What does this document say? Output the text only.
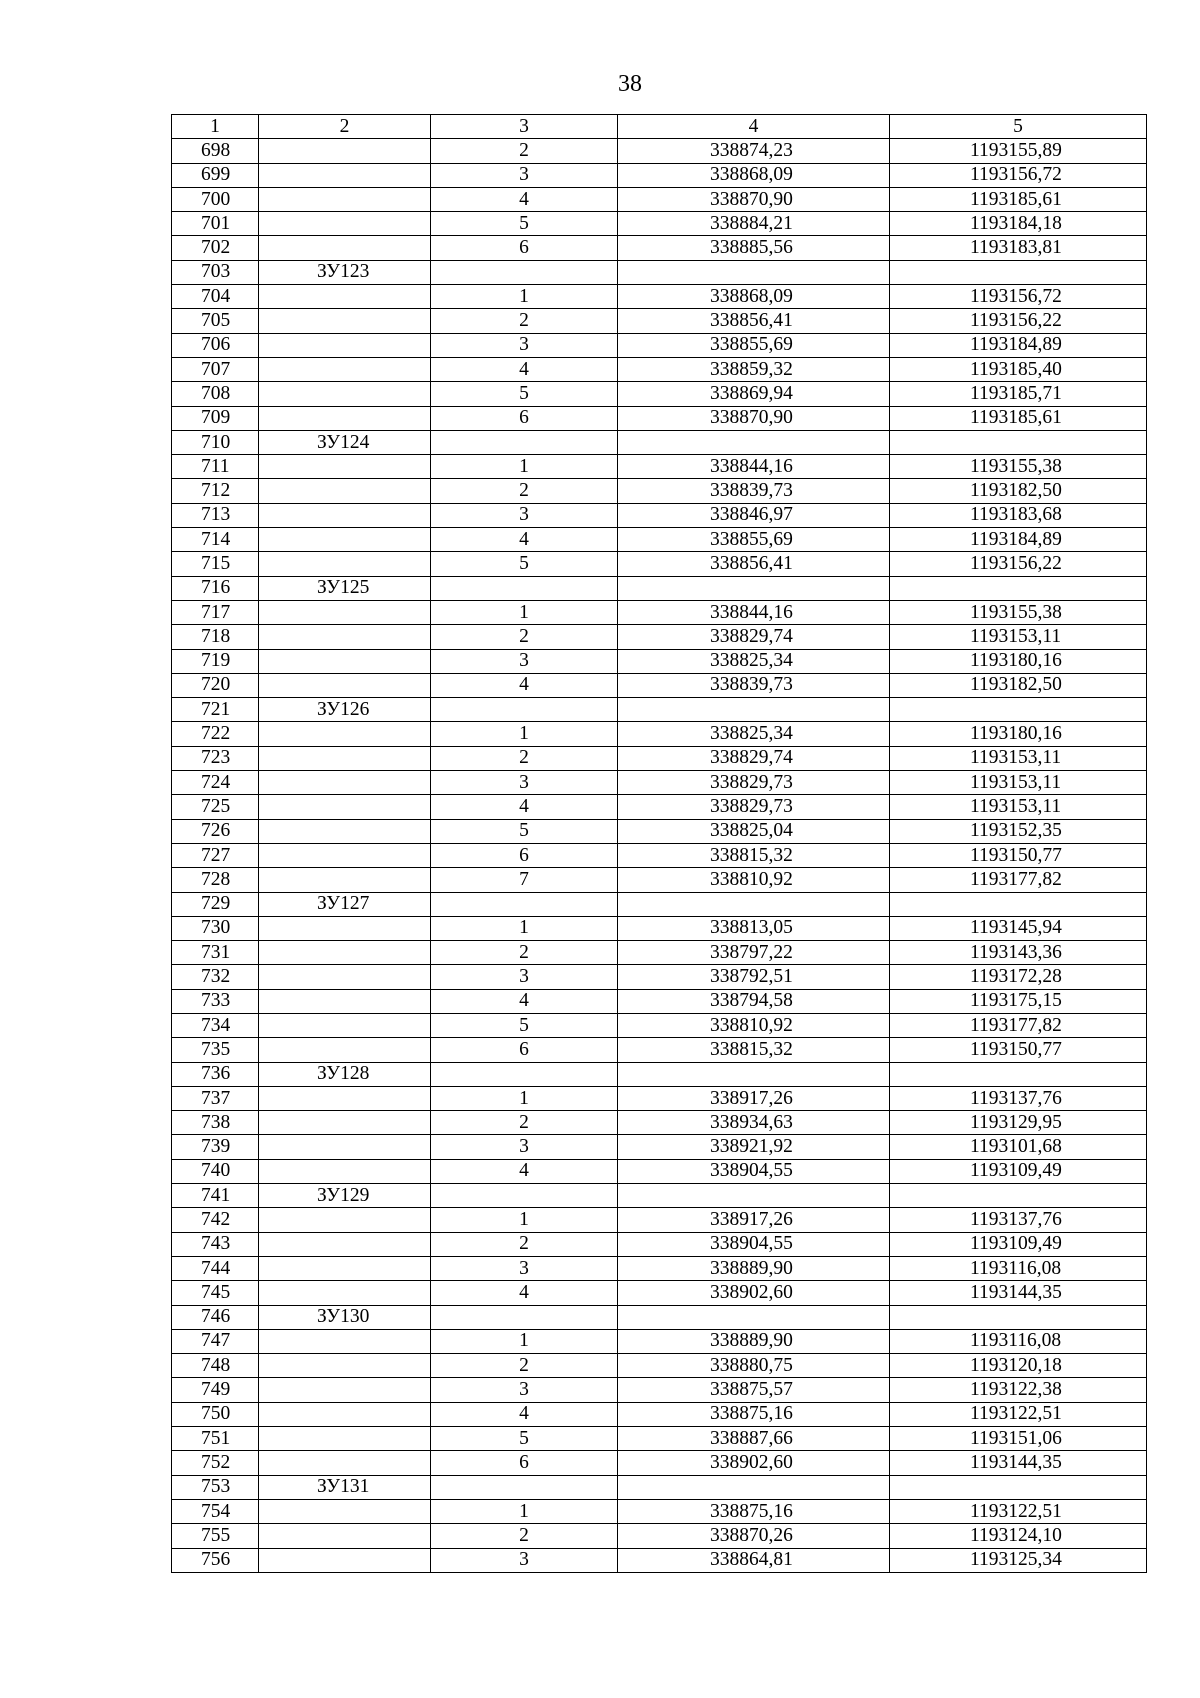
38
1	2	3	4	5
698		2	338874,23	1193155,89
699		3	338868,09	1193156,72
700		4	338870,90	1193185,61
701		5	338884,21	1193184,18
702		6	338885,56	1193183,81
703	ЗУ123			
704		1	338868,09	1193156,72
705		2	338856,41	1193156,22
706		3	338855,69	1193184,89
707		4	338859,32	1193185,40
708		5	338869,94	1193185,71
709		6	338870,90	1193185,61
710	ЗУ124			
711		1	338844,16	1193155,38
712		2	338839,73	1193182,50
713		3	338846,97	1193183,68
714		4	338855,69	1193184,89
715		5	338856,41	1193156,22
716	ЗУ125			
717		1	338844,16	1193155,38
718		2	338829,74	1193153,11
719		3	338825,34	1193180,16
720		4	338839,73	1193182,50
721	ЗУ126			
722		1	338825,34	1193180,16
723		2	338829,74	1193153,11
724		3	338829,73	1193153,11
725		4	338829,73	1193153,11
726		5	338825,04	1193152,35
727		6	338815,32	1193150,77
728		7	338810,92	1193177,82
729	ЗУ127			
730		1	338813,05	1193145,94
731		2	338797,22	1193143,36
732		3	338792,51	1193172,28
733		4	338794,58	1193175,15
734		5	338810,92	1193177,82
735		6	338815,32	1193150,77
736	ЗУ128			
737		1	338917,26	1193137,76
738		2	338934,63	1193129,95
739		3	338921,92	1193101,68
740		4	338904,55	1193109,49
741	ЗУ129			
742		1	338917,26	1193137,76
743		2	338904,55	1193109,49
744		3	338889,90	1193116,08
745		4	338902,60	1193144,35
746	ЗУ130			
747		1	338889,90	1193116,08
748		2	338880,75	1193120,18
749		3	338875,57	1193122,38
750		4	338875,16	1193122,51
751		5	338887,66	1193151,06
752		6	338902,60	1193144,35
753	ЗУ131			
754		1	338875,16	1193122,51
755		2	338870,26	1193124,10
756		3	338864,81	1193125,34
